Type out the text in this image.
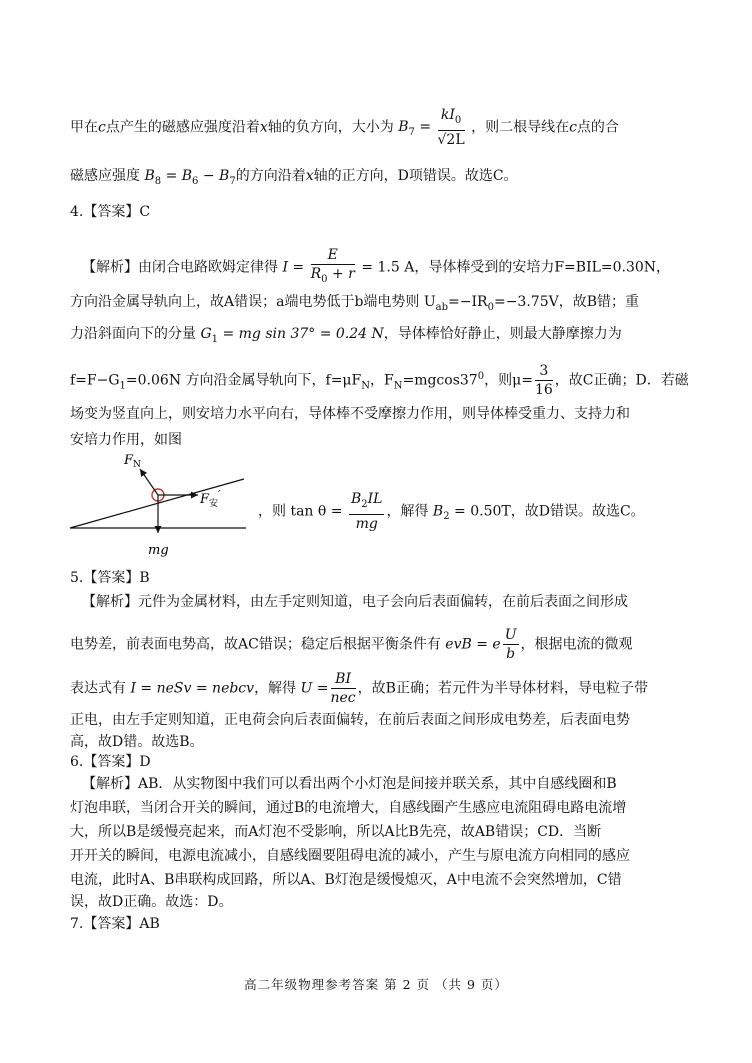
甲在c点产生的磁感应强度沿着x轴的负方向，大小为 $B_7 = \frac{kI_0}{√2L}$ ，则二根导线在c点的合
磁感应强度 $B_8 = B_6 - B_7$的方向沿着x轴的正方向，D项错误。故选C。
4.【答案】C
【解析】由闭合电路欧姆定律得 $I = \frac{E}{R_0 + r} = 1.5$ A，导体棒受到的安培力F=BIL=0.30N，
方向沿金属导轨向上，故A错误；a端电势低于b端电势则 $U_{ab}=-IR_0=-3.75V$，故B错；重
力沿斜面向下的分量 $G_1$ = mg sin 37° = 0.24 N，导体棒恰好静止，则最大静摩擦力为
$f=F-G_1=0.06N$ 方向沿金属导轨向下，$f=\mu F_N$，$F_N=mgcos37^0$，则$\mu= \frac{3}{16}$ ，故C正确；D．若磁
场变为竖直向上，则安培力水平向右，导体棒不受摩擦力作用，则导体棒受重力、支持力和
安培力作用，如图
$F_N$
$F_安'$
mg
，则 $\tan \theta = \frac{B_2IL}{mg}$ ，解得 $B_2 = 0.50T$，故D错误。故选C。
5.【答案】B
【解析】元件为金属材料，由左手定则知道，电子会向后表面偏转，在前后表面之间形成
电势差，前表面电势高，故AC错误；稳定后根据平衡条件有 evB = e $\frac{U}{b}$ ，根据电流的微观
表达式有 I = neSv = nebcv，解得 $U = \frac{BI}{\text{nec}}$ ，故B正确；若元件为半导体材料，导电粒子带
正电，由左手定则知道，正电荷会向后表面偏转，在前后表面之间形成电势差，后表面电势
高，故D错。故选B。
6.【答案】D
【解析】AB．从实物图中我们可以看出两个小灯泡是间接并联关系，其中自感线圈和B
灯泡串联，当闭合开关的瞬间，通过B的电流增大，自感线圈产生感应电流阻碍电路电流增
大，所以B是缓慢亮起来，而A灯泡不受影响，所以A比B先亮，故AB错误；CD．当断
开开关的瞬间，电源电流减小，自感线圈要阻碍电流的减小，产生与原电流方向相同的感应
电流，此时A、B串联构成回路，所以A、B灯泡是缓慢熄灭，A中电流不会突然增加，C错
误，故D正确。故选：D。
7.【答案】AB
高二年级物理参考答案 第 2 页 （共 9 页）
